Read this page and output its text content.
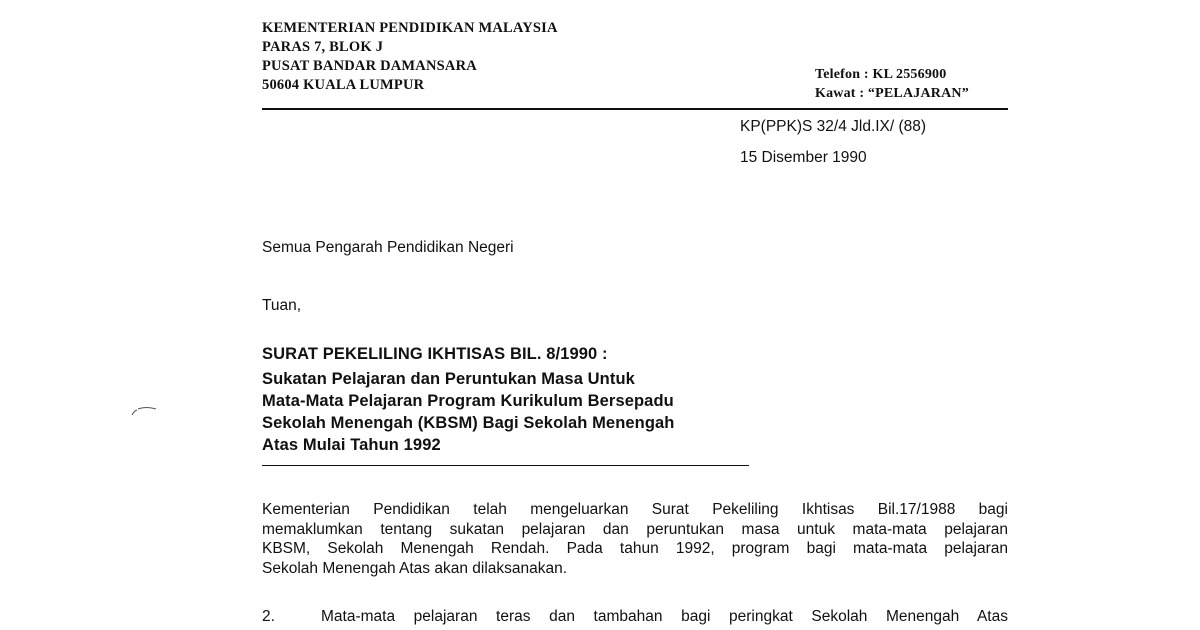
KEMENTERIAN PENDIDIKAN MALAYSIA
PARAS 7, BLOK J
PUSAT BANDAR DAMANSARA
50604 KUALA LUMPUR
Telefon : KL 2556900
Kawat : “PELAJARAN”
KP(PPK)S 32/4 Jld.IX/ (88)
15 Disember 1990
Semua Pengarah Pendidikan Negeri
Tuan,
SURAT PEKELILING IKHTISAS BIL. 8/1990 :
Sukatan Pelajaran dan Peruntukan Masa Untuk
Mata-Mata Pelajaran Program Kurikulum Bersepadu
Sekolah Menengah (KBSM) Bagi Sekolah Menengah
Atas Mulai Tahun 1992
Kementerian Pendidikan telah mengeluarkan Surat Pekeliling Ikhtisas Bil.17/1988 bagi
memaklumkan tentang sukatan pelajaran dan peruntukan masa untuk mata-mata pelajaran
KBSM, Sekolah Menengah Rendah. Pada tahun 1992, program bagi mata-mata pelajaran
Sekolah Menengah Atas akan dilaksanakan.
2.	Mata-mata pelajaran teras dan tambahan bagi peringkat Sekolah Menengah Atas
